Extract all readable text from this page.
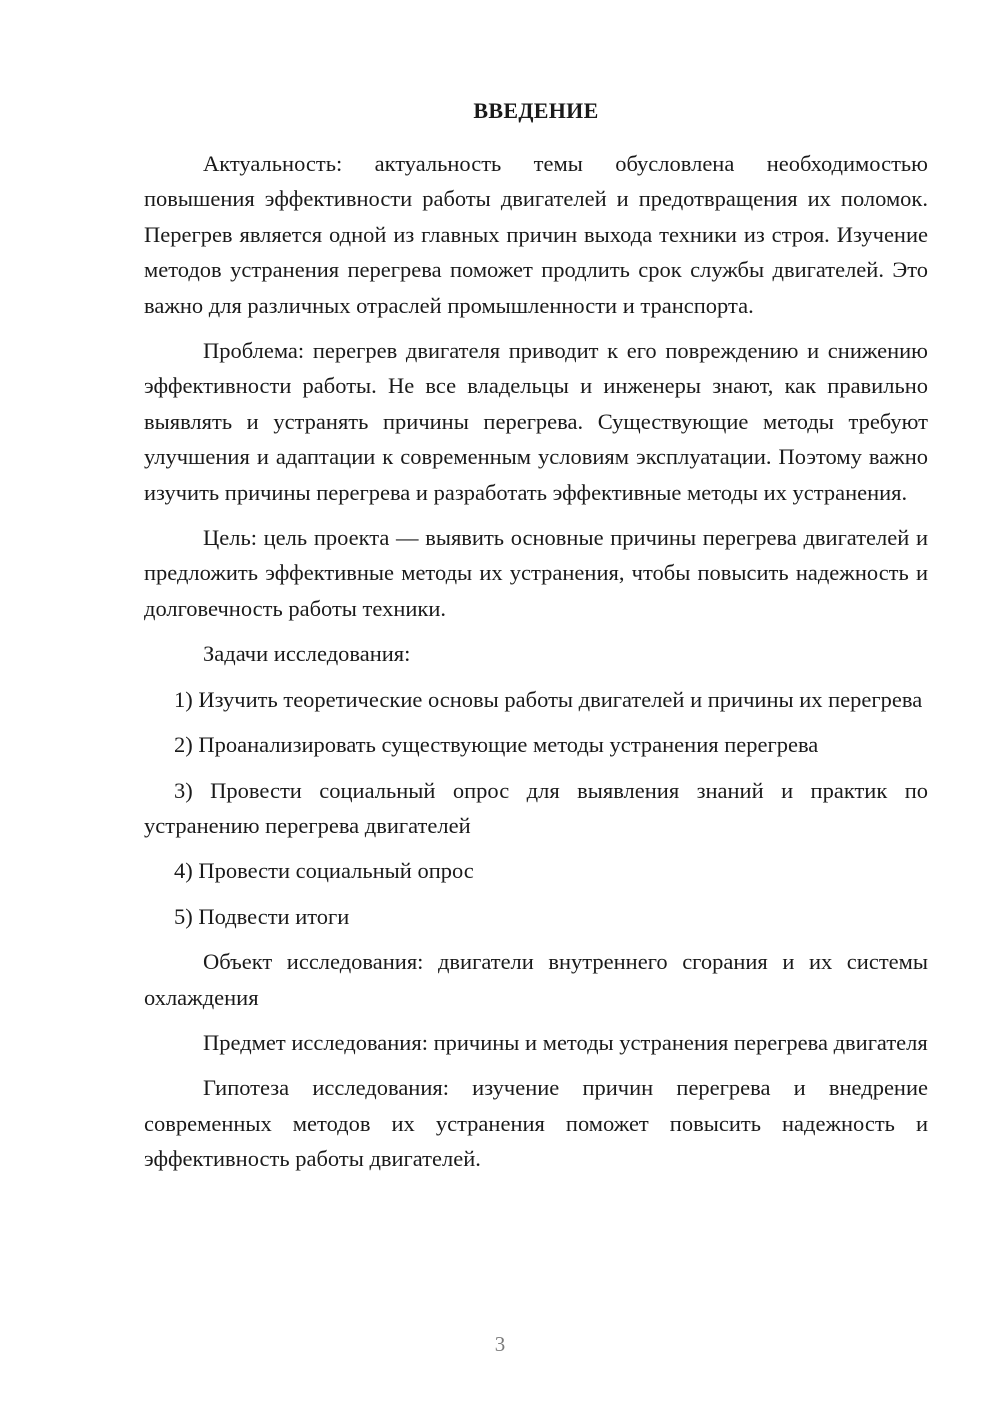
ВВЕДЕНИЕ

Актуальность: актуальность темы обусловлена необходимостью повышения эффективности работы двигателей и предотвращения их поломок. Перегрев является одной из главных причин выхода техники из строя. Изучение методов устранения перегрева поможет продлить срок службы двигателей. Это важно для различных отраслей промышленности и транспорта.

Проблема: перегрев двигателя приводит к его повреждению и снижению эффективности работы. Не все владельцы и инженеры знают, как правильно выявлять и устранять причины перегрева. Существующие методы требуют улучшения и адаптации к современным условиям эксплуатации. Поэтому важно изучить причины перегрева и разработать эффективные методы их устранения.

Цель: цель проекта — выявить основные причины перегрева двигателей и предложить эффективные методы их устранения, чтобы повысить надежность и долговечность работы техники.

Задачи исследования:

1) Изучить теоретические основы работы двигателей и причины их перегрева

2) Проанализировать существующие методы устранения перегрева

3) Провести социальный опрос для выявления знаний и практик по устранению перегрева двигателей

4) Провести социальный опрос

5) Подвести итоги

Объект исследования: двигатели внутреннего сгорания и их системы охлаждения

Предмет исследования: причины и методы устранения перегрева двигателя

Гипотеза исследования: изучение причин перегрева и внедрение современных методов их устранения поможет повысить надежность и эффективность работы двигателей.

3
